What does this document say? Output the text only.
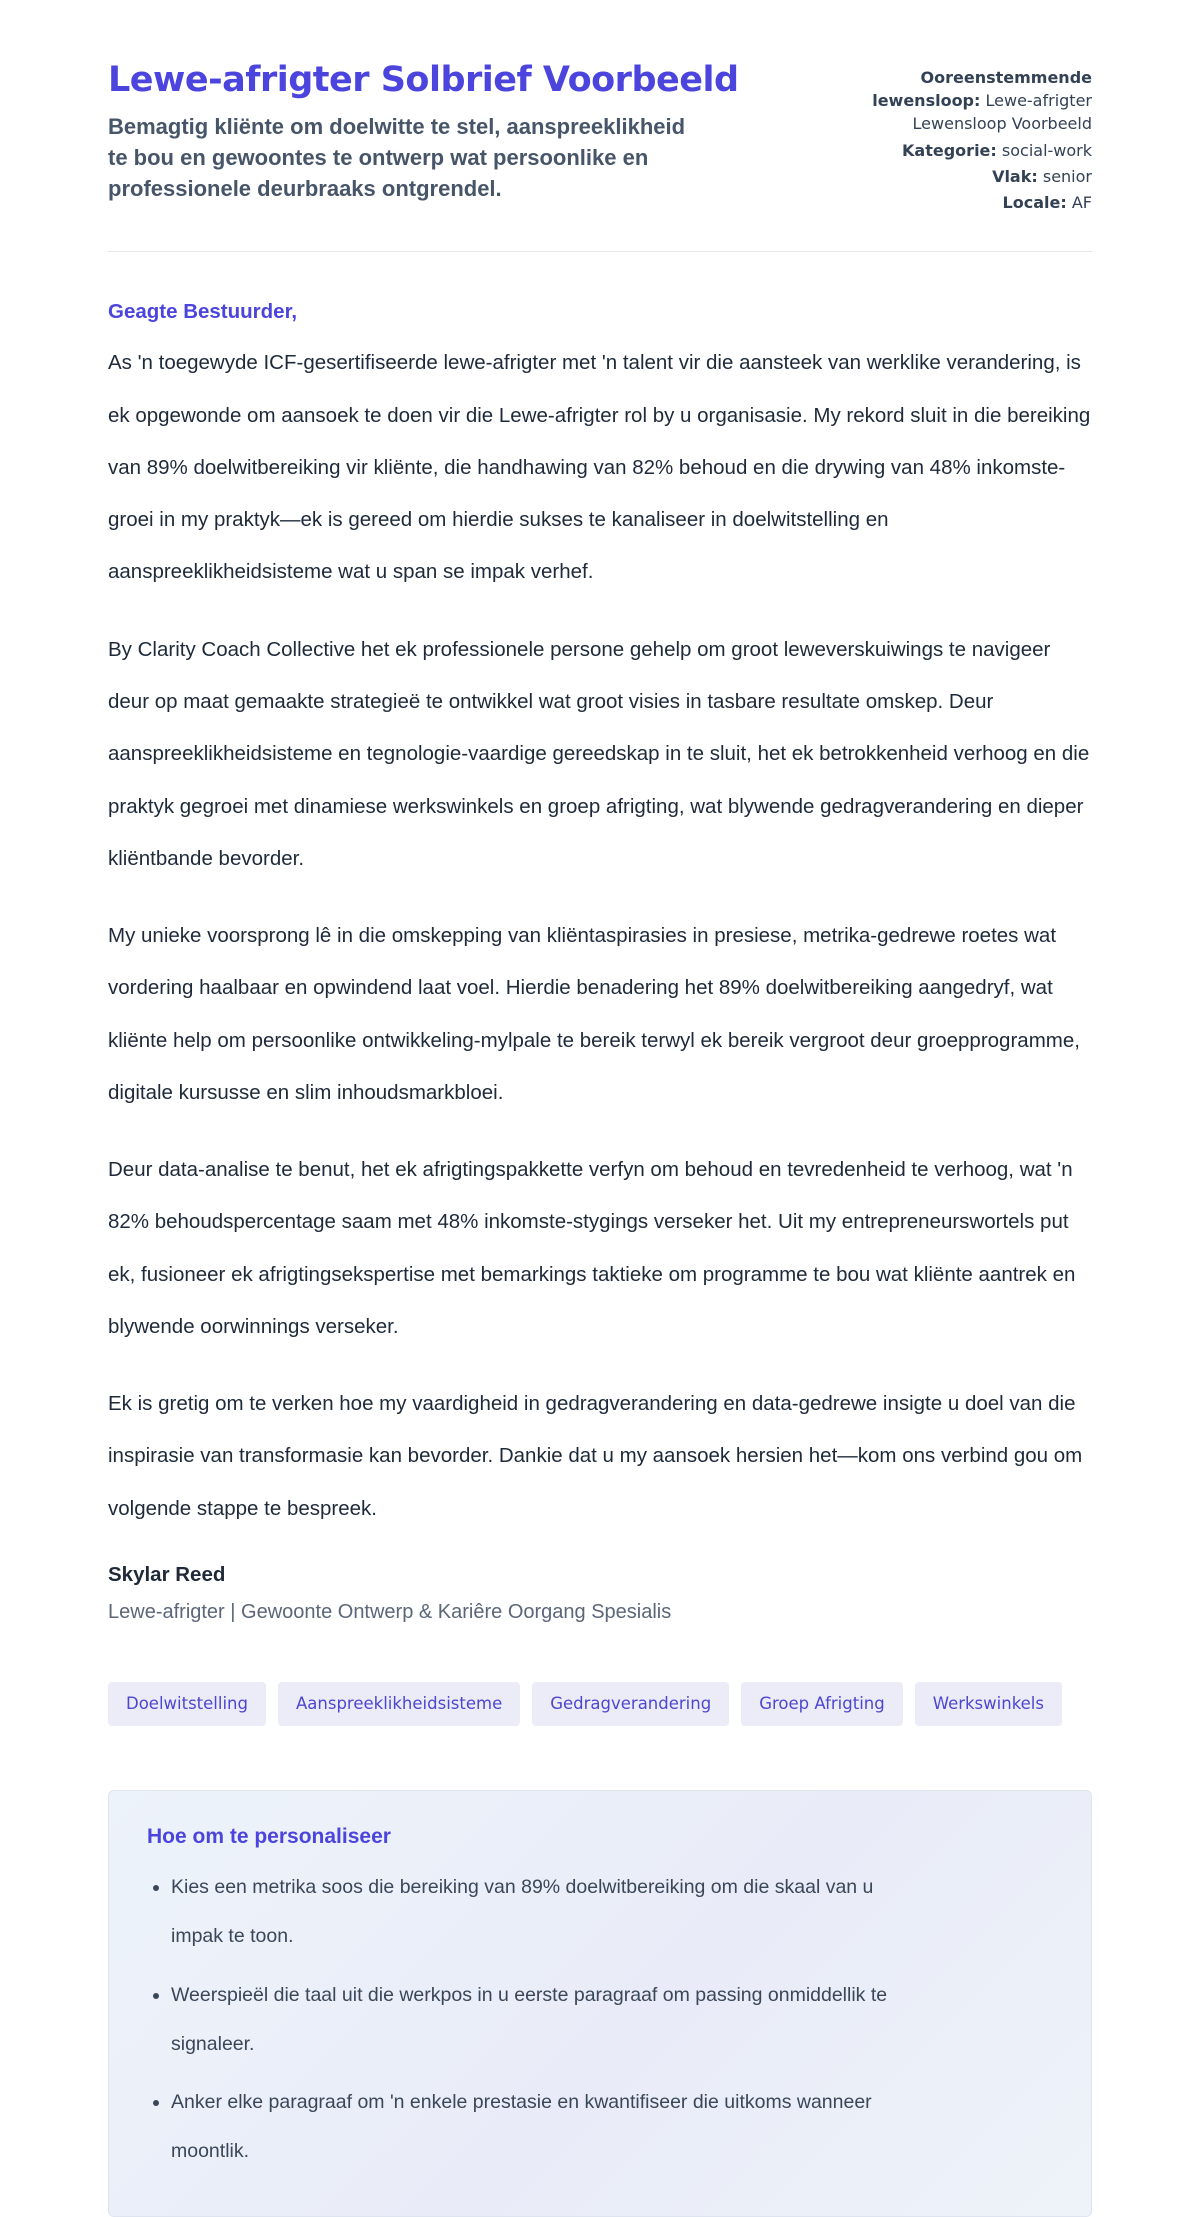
Lewe-afrigter Solbrief Voorbeeld
Bemagtig kliënte om doelwitte te stel, aanspreeklikheid te bou en gewoontes te ontwerp wat persoonlike en professionele deurbraaks ontgrendel.
Ooreenstemmende lewensloop: Lewe-afrigter Lewensloop Voorbeeld
Kategorie: social-work
Vlak: senior
Locale: AF
Geagte Bestuurder,

As 'n toegewyde ICF-gesertifiseerde lewe-afrigter met 'n talent vir die aansteek van werklike verandering, is ek opgewonde om aansoek te doen vir die Lewe-afrigter rol by u organisasie. My rekord sluit in die bereiking van 89% doelwitbereiking vir kliënte, die handhawing van 82% behoud en die drywing van 48% inkomste-groei in my praktyk—ek is gereed om hierdie sukses te kanaliseer in doelwitstelling en aanspreeklikheidsisteme wat u span se impak verhef.

By Clarity Coach Collective het ek professionele persone gehelp om groot leweverskuiwings te navigeer deur op maat gemaakte strategieë te ontwikkel wat groot visies in tasbare resultate omskep. Deur aanspreeklikheidsisteme en tegnologie-vaardige gereedskap in te sluit, het ek betrokkenheid verhoog en die praktyk gegroei met dinamiese werkswinkels en groep afrigting, wat blywende gedragverandering en dieper kliëntbande bevorder.

My unieke voorsprong lê in die omskepping van kliëntaspirasies in presiese, metrika-gedrewe roetes wat vordering haalbaar en opwindend laat voel. Hierdie benadering het 89% doelwitbereiking aangedryf, wat kliënte help om persoonlike ontwikkeling-mylpale te bereik terwyl ek bereik vergroot deur groepprogramme, digitale kursusse en slim inhoudsmarkbloei.

Deur data-analise te benut, het ek afrigtingspakkette verfyn om behoud en tevredenheid te verhoog, wat 'n 82% behoudspercentage saam met 48% inkomste-stygings verseker het. Uit my entrepreneurswortels put ek, fusioneer ek afrigtingsekspertise met bemarkings taktieke om programme te bou wat kliënte aantrek en blywende oorwinnings verseker.

Ek is gretig om te verken hoe my vaardigheid in gedragverandering en data-gedrewe insigte u doel van die inspirasie van transformasie kan bevorder. Dankie dat u my aansoek hersien het—kom ons verbind gou om volgende stappe te bespreek.

Skylar Reed
Lewe-afrigter | Gewoonte Ontwerp & Kariêre Oorgang Spesialis
Doelwitstelling	Aanspreeklikheidsisteme	Gedragverandering	Groep Afrigting	Werkswinkels
Hoe om te personaliseer
• Kies een metrika soos die bereiking van 89% doelwitbereiking om die skaal van u impak te toon.
• Weerspieël die taal uit die werkpos in u eerste paragraaf om passing onmiddellik te signaleer.
• Anker elke paragraaf om 'n enkele prestasie en kwantifiseer die uitkoms wanneer moontlik.
